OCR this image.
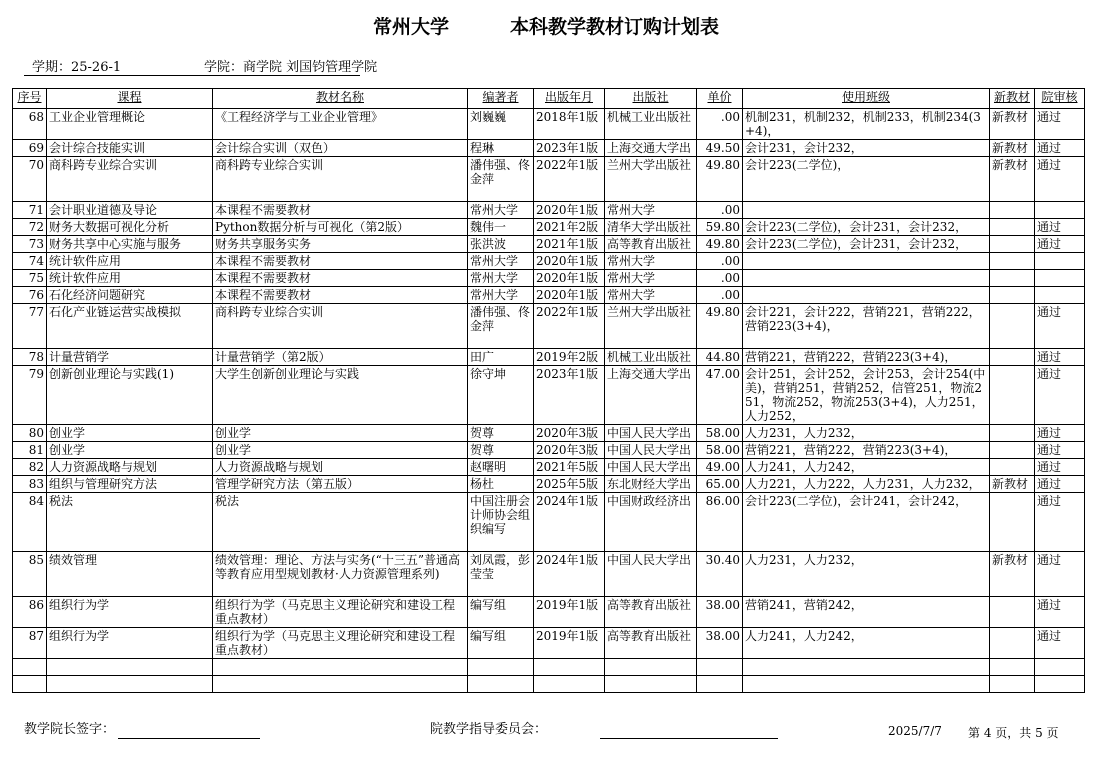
常州大学	本科教学教材订购计划表
学期：25-26-1	学院：商学院 刘国钧管理学院
序号	课程	教材名称	编著者	出版年月	出版社	单价	使用班级	新教材	院审核
68	工业企业管理概论	《工程经济学与工业企业管理》	刘巍巍	2018年1版	机械工业出版社	.00	机制231，机制232，机制233，机制234(3+4)，	新教材	通过
69	会计综合技能实训	会计综合实训（双色）	程琳	2023年1版	上海交通大学出	49.50	会计231，会计232，	新教材	通过
70	商科跨专业综合实训	商科跨专业综合实训	潘伟强、佟金萍	2022年1版	兰州大学出版社	49.80	会计223(二学位)，	新教材	通过
71	会计职业道德及导论	本课程不需要教材	常州大学	2020年1版	常州大学	.00			
72	财务大数据可视化分析	Python数据分析与可视化（第2版）	魏伟一	2021年2版	清华大学出版社	59.80	会计223(二学位)，会计231，会计232，		通过
73	财务共享中心实施与服务	财务共享服务实务	张洪波	2021年1版	高等教育出版社	49.80	会计223(二学位)，会计231，会计232，		通过
74	统计软件应用	本课程不需要教材	常州大学	2020年1版	常州大学	.00			
75	统计软件应用	本课程不需要教材	常州大学	2020年1版	常州大学	.00			
76	石化经济问题研究	本课程不需要教材	常州大学	2020年1版	常州大学	.00			
77	石化产业链运营实战模拟	商科跨专业综合实训	潘伟强、佟金萍	2022年1版	兰州大学出版社	49.80	会计221，会计222，营销221，营销222，营销223(3+4)，		通过
78	计量营销学	计量营销学（第2版）	田广	2019年2版	机械工业出版社	44.80	营销221，营销222，营销223(3+4)，		通过
79	创新创业理论与实践(1)	大学生创新创业理论与实践	徐守坤	2023年1版	上海交通大学出	47.00	会计251，会计252，会计253，会计254(中美)，营销251，营销252，信管251，物流251，物流252，物流253(3+4)，人力251，人力252，		通过
80	创业学	创业学	贺尊	2020年3版	中国人民大学出	58.00	人力231，人力232，		通过
81	创业学	创业学	贺尊	2020年3版	中国人民大学出	58.00	营销221，营销222，营销223(3+4)，		通过
82	人力资源战略与规划	人力资源战略与规划	赵曙明	2021年5版	中国人民大学出	49.00	人力241，人力242，		通过
83	组织与管理研究方法	管理学研究方法（第五版）	杨杜	2025年5版	东北财经大学出	65.00	人力221，人力222，人力231，人力232，	新教材	通过
84	税法	税法	中国注册会计师协会组织编写	2024年1版	中国财政经济出	86.00	会计223(二学位)，会计241，会计242，		通过
85	绩效管理	绩效管理：理论、方法与实务(“十三五”普通高等教育应用型规划教材·人力资源管理系列)	刘凤霞，彭莹莹	2024年1版	中国人民大学出	30.40	人力231，人力232，	新教材	通过
86	组织行为学	组织行为学（马克思主义理论研究和建设工程重点教材）	编写组	2019年1版	高等教育出版社	38.00	营销241，营销242，		通过
87	组织行为学	组织行为学（马克思主义理论研究和建设工程重点教材）	编写组	2019年1版	高等教育出版社	38.00	人力241，人力242，		通过

教学院长签字：	院教学指导委员会：	2025/7/7 第 4 页，共 5 页
